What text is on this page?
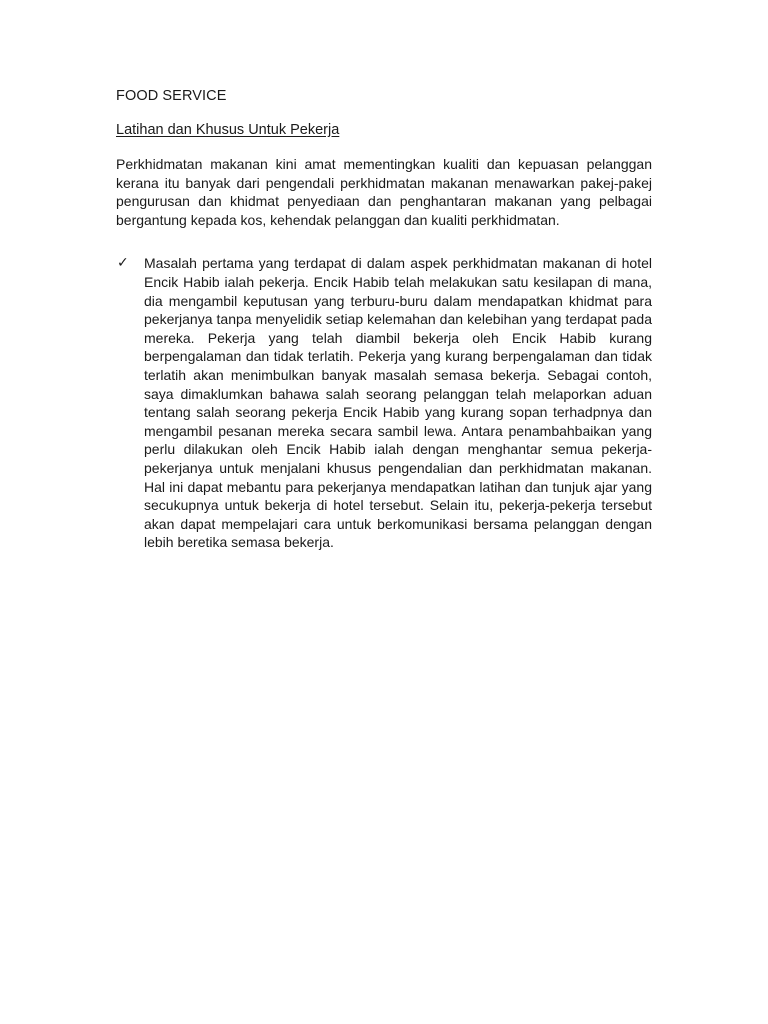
FOOD SERVICE
Latihan dan Khusus Untuk Pekerja

Perkhidmatan makanan kini amat mementingkan kualiti dan kepuasan pelanggan kerana itu banyak dari pengendali perkhidmatan makanan menawarkan pakej-pakej pengurusan dan khidmat penyediaan dan penghantaran makanan yang pelbagai bergantung kepada kos, kehendak pelanggan dan kualiti perkhidmatan.

✓	Masalah pertama yang terdapat di dalam aspek perkhidmatan makanan di hotel Encik Habib ialah pekerja. Encik Habib telah melakukan satu kesilapan di mana, dia mengambil keputusan yang terburu-buru dalam mendapatkan khidmat para pekerjanya tanpa menyelidik setiap kelemahan dan kelebihan yang terdapat pada mereka. Pekerja yang telah diambil bekerja oleh Encik Habib kurang berpengalaman dan tidak terlatih. Pekerja yang kurang berpengalaman dan tidak terlatih akan menimbulkan banyak masalah semasa bekerja. Sebagai contoh, saya dimaklumkan bahawa salah seorang pelanggan telah melaporkan aduan tentang salah seorang pekerja Encik Habib yang kurang sopan terhadpnya dan mengambil pesanan mereka secara sambil lewa. Antara penambahbaikan yang perlu dilakukan oleh Encik Habib ialah dengan menghantar semua pekerja-pekerjanya untuk menjalani khusus pengendalian dan perkhidmatan makanan. Hal ini dapat mebantu para pekerjanya mendapatkan latihan dan tunjuk ajar yang secukupnya untuk bekerja di hotel tersebut. Selain itu, pekerja-pekerja tersebut akan dapat mempelajari cara untuk berkomunikasi bersama pelanggan dengan lebih beretika semasa bekerja.
